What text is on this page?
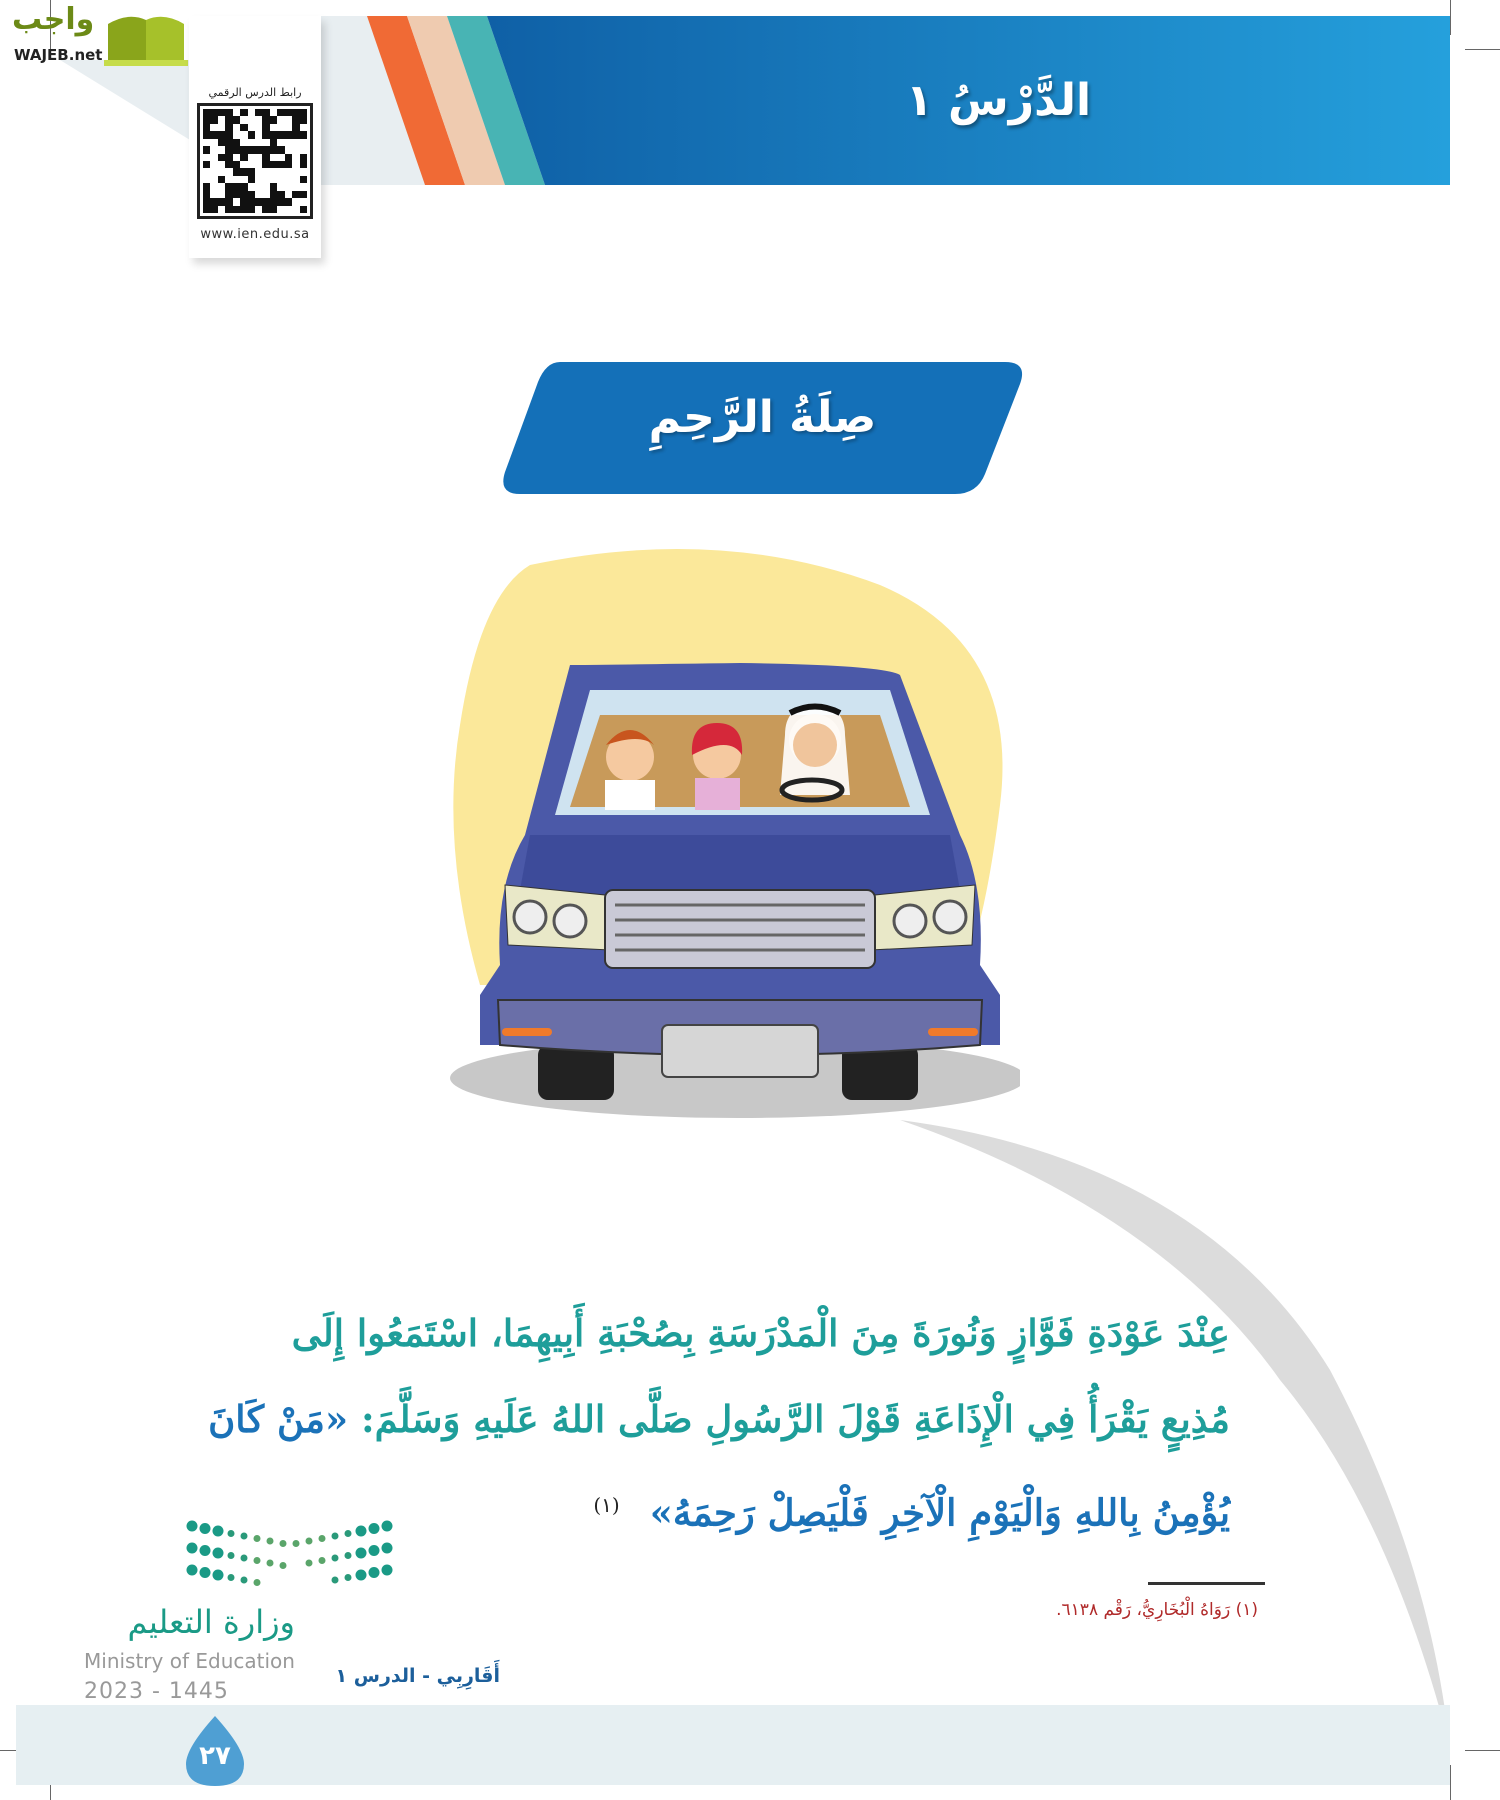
الدَّرْسُ ١
واجب
WAJEB.net
رابط الدرس الرقمي
www.ien.edu.sa
صِلَةُ الرَّحِمِ
عِنْدَ عَوْدَةِ فَوَّازٍ وَنُورَةَ مِنَ الْمَدْرَسَةِ بِصُحْبَةِ أَبِيهِمَا، اسْتَمَعُوا إِلَى
مُذِيعٍ يَقْرَأُ فِي الْإِذَاعَةِ قَوْلَ الرَّسُولِ صَلَّى اللهُ عَلَيهِ وَسَلَّمَ: «مَنْ كَانَ
يُؤْمِنُ بِاللهِ وَالْيَوْمِ الْآخِرِ فَلْيَصِلْ رَحِمَهُ»$^{(١)}$
(١) رَوَاهُ الْبُخَارِيُّ، رَقْم ٦١٣٨.
٢٧
وزارة التعليم
Ministry of Education
2023 - 1445
أَقَارِبِي - الدرس ١
